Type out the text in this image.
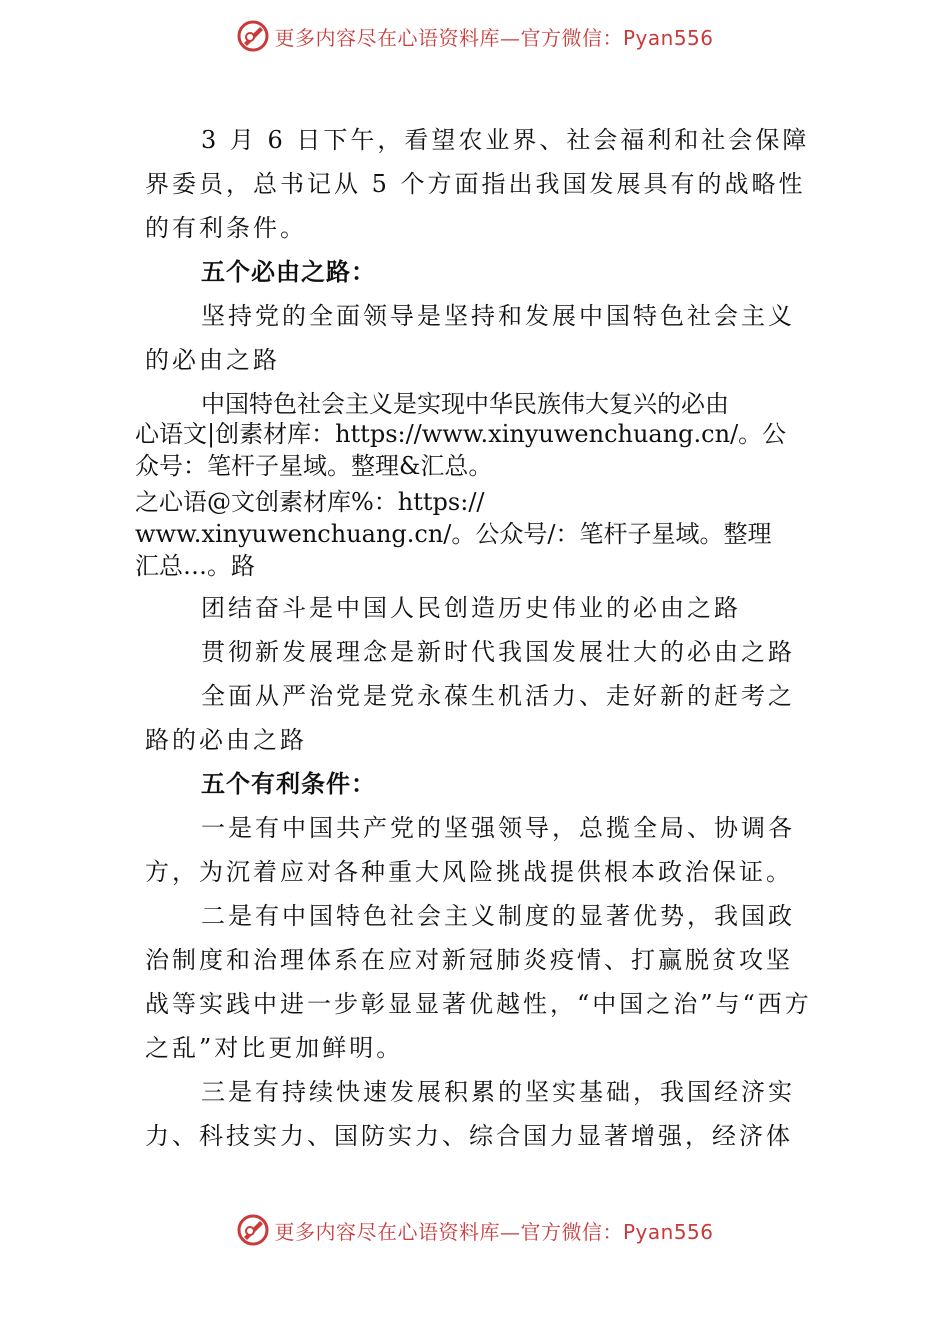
更多内容尽在心语资料库—官方微信：Pyan556

3 月 6 日下午，看望农业界、社会福利和社会保障界委员，总书记从 5 个方面指出我国发展具有的战略性的有利条件。

五个必由之路：

坚持党的全面领导是坚持和发展中国特色社会主义的必由之路

中国特色社会主义是实现中华民族伟大复兴的必由

心语文|创素材库：https://www.xinyuwenchuang.cn/。公

众号：笔杆子星域。整理&汇总。

之心语@文创素材库%：https://

www.xinyuwenchuang.cn/。公众号/：笔杆子星域。整理

汇总…。路

团结奋斗是中国人民创造历史伟业的必由之路

贯彻新发展理念是新时代我国发展壮大的必由之路

全面从严治党是党永葆生机活力、走好新的赶考之路的必由之路

五个有利条件：

一是有中国共产党的坚强领导，总揽全局、协调各方，为沉着应对各种重大风险挑战提供根本政治保证。

二是有中国特色社会主义制度的显著优势，我国政治制度和治理体系在应对新冠肺炎疫情、打赢脱贫攻坚战等实践中进一步彰显显著优越性，“中国之治”与“西方之乱”对比更加鲜明。

三是有持续快速发展积累的坚实基础，我国经济实力、科技实力、国防实力、综合国力显著增强，经济体

更多内容尽在心语资料库—官方微信：Pyan556
